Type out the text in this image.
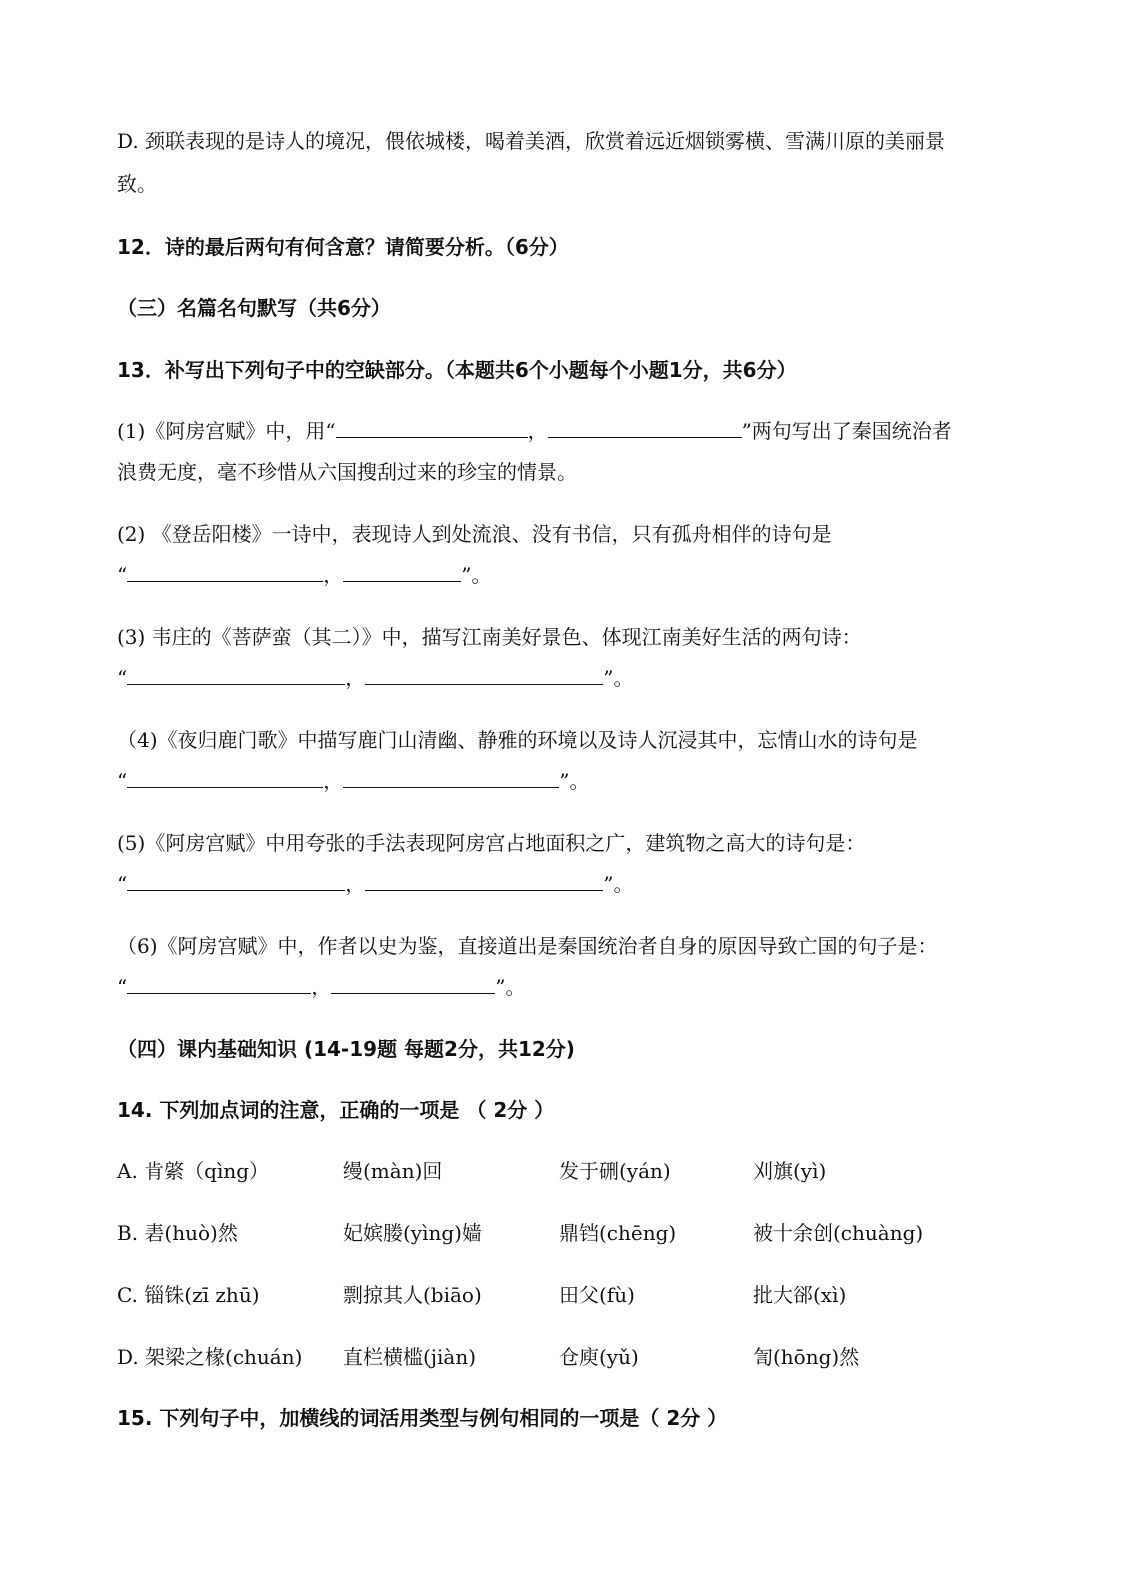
D. 颈联表现的是诗人的境况，偎依城楼，喝着美酒，欣赏着远近烟锁雾横、雪满川原的美丽景
致。
12．诗的最后两句有何含意？请简要分析。（6分）
（三）名篇名句默写（共6分）
13．补写出下列句子中的空缺部分。（本题共6个小题每个小题1分，共6分）
(1)《阿房宫赋》中，用“	，	”两句写出了秦国统治者
浪费无度，毫不珍惜从六国搜刮过来的珍宝的情景。
(2) 《登岳阳楼》一诗中，表现诗人到处流浪、没有书信，只有孤舟相伴的诗句是
“	，	”。
(3) 韦庄的《菩萨蛮（其二）》中，描写江南美好景色、体现江南美好生活的两句诗：
“	，	”。
（4)《夜归鹿门歌》中描写鹿门山清幽、静雅的环境以及诗人沉浸其中，忘情山水的诗句是
“	，	”。
(5)《阿房宫赋》中用夸张的手法表现阿房宫占地面积之广，建筑物之高大的诗句是：
“	，	”。
（6)《阿房宫赋》中，作者以史为鉴，直接道出是秦国统治者自身的原因导致亡国的句子是：
“	，	”。
（四）课内基础知识 (14-19题 每题2分，共12分)
14. 下列加点词的注意，正确的一项是 （ 2分 ）
A. 肯綮（qìng）	缦(màn)回	发于硎(yán)	刈旗(yì)
B. 砉(huò)然	妃嫔媵(yìng)嫱	鼎铛(chēng)	被十余创(chuàng)
C. 锱铢(zī zhū)	剽掠其人(biāo)	田父(fù)	批大郤(xì)
D. 架梁之椽(chuán) 直栏横槛(jiàn)	仓庾(yǔ)	訇(hōng)然
15. 下列句子中，加横线的词活用类型与例句相同的一项是（ 2分 ）
